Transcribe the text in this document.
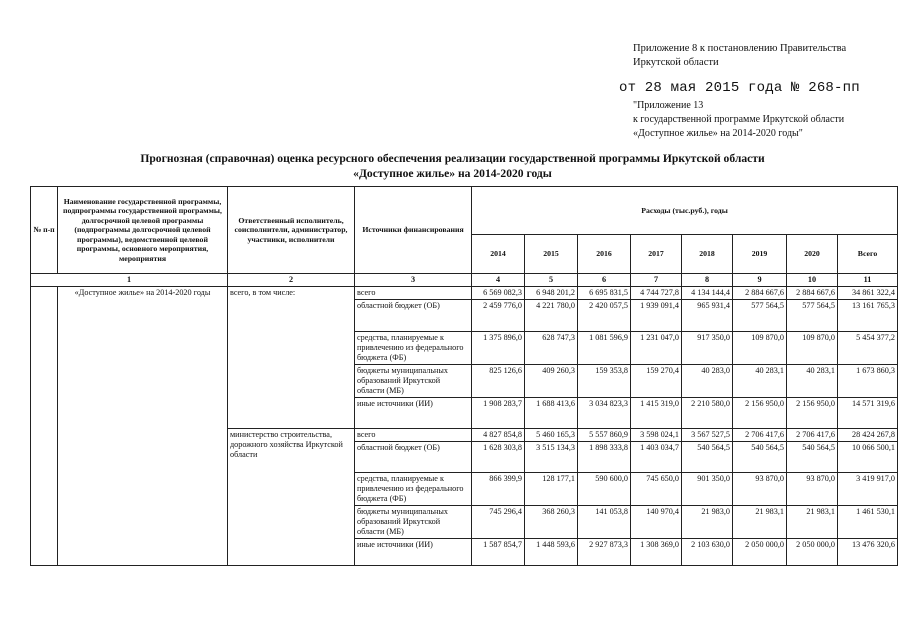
Приложение 8 к постановлению Правительства
Иркутской области
от 28 мая 2015 года № 268-пп
"Приложение 13
к государственной программе Иркутской области
«Доступное жилье» на 2014-2020 годы"
Прогнозная (справочная) оценка ресурсного обеспечения реализации государственной программы Иркутской области
«Доступное жилье» на 2014-2020 годы
№ п-п	Наименование государственной программы, подпрограммы государственной программы, долгосрочной целевой программы (подпрограммы долгосрочной целевой программы), ведомственной целевой программы, основного мероприятия, мероприятия	Ответственный исполнитель, соисполнители, администратор, участники, исполнители	Источники финансирования	Расходы (тыс.руб.), годы							
				2014	2015	2016	2017	2018	2019	2020	Всего
1		2	3	4	5	6	7	8	9	10	11
	«Доступное жилье» на 2014-2020 годы	всего, в том числе:	всего	6 569 082,3	6 948 201,2	6 695 831,5	4 744 727,8	4 134 144,4	2 884 667,6	2 884 667,6	34 861 322,4
			областной бюджет (ОБ)	2 459 776,0	4 221 780,0	2 420 057,5	1 939 091,4	965 931,4	577 564,5	577 564,5	13 161 765,3
			средства, планируемые к привлечению из федерального бюджета (ФБ)	1 375 896,0	628 747,3	1 081 596,9	1 231 047,0	917 350,0	109 870,0	109 870,0	5 454 377,2
			бюджеты муниципальных образований Иркутской области (МБ)	825 126,6	409 260,3	159 353,8	159 270,4	40 283,0	40 283,1	40 283,1	1 673 860,3
			иные источники (ИИ)	1 908 283,7	1 688 413,6	3 034 823,3	1 415 319,0	2 210 580,0	2 156 950,0	2 156 950,0	14 571 319,6
		министерство строительства, дорожного хозяйства Иркутской области	всего	4 827 854,8	5 460 165,3	5 557 860,9	3 598 024,1	3 567 527,5	2 706 417,6	2 706 417,6	28 424 267,8
			областной бюджет (ОБ)	1 628 303,8	3 515 134,3	1 898 333,8	1 403 034,7	540 564,5	540 564,5	540 564,5	10 066 500,1
			средства, планируемые к привлечению из федерального бюджета (ФБ)	866 399,9	128 177,1	590 600,0	745 650,0	901 350,0	93 870,0	93 870,0	3 419 917,0
			бюджеты муниципальных образований Иркутской области (МБ)	745 296,4	368 260,3	141 053,8	140 970,4	21 983,0	21 983,1	21 983,1	1 461 530,1
			иные источники (ИИ)	1 587 854,7	1 448 593,6	2 927 873,3	1 308 369,0	2 103 630,0	2 050 000,0	2 050 000,0	13 476 320,6
